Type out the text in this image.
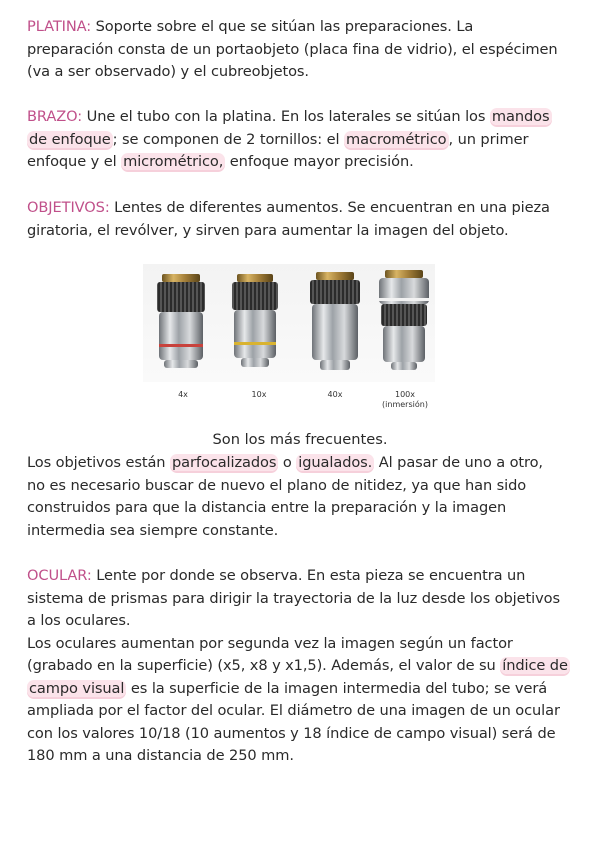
PLATINA: Soporte sobre el que se sitúan las preparaciones. La
preparación consta de un portaobjeto (placa fina de vidrio), el espécimen
(va a ser observado) y el cubreobjetos.
BRAZO: Une el tubo con la platina. En los laterales se sitúan los mandos
de enfoque ; se componen de 2 tornillos: el macrométrico , un primer
enfoque y el micrométrico, enfoque mayor precisión.
OBJETIVOS: Lentes de diferentes aumentos. Se encuentran en una pieza
giratoria, el revólver, y sirven para aumentar la imagen del objeto.
4x	10x	40x	100x
(inmersión)
Son los más frecuentes.
Los objetivos están parfocalizados o igualados. Al pasar de uno a otro,
no es necesario buscar de nuevo el plano de nitidez, ya que han sido
construidos para que la distancia entre la preparación y la imagen
intermedia sea siempre constante.
OCULAR: Lente por donde se observa. En esta pieza se encuentra un
sistema de prismas para dirigir la trayectoria de la luz desde los objetivos
a los oculares.
Los oculares aumentan por segunda vez la imagen según un factor
(grabado en la superficie) (x5, x8 y x1,5). Además, el valor de su índice de
campo visual es la superficie de la imagen intermedia del tubo; se verá
ampliada por el factor del ocular. El diámetro de una imagen de un ocular
con los valores 10/18 (10 aumentos y 18 índice de campo visual) será de
180 mm a una distancia de 250 mm.
